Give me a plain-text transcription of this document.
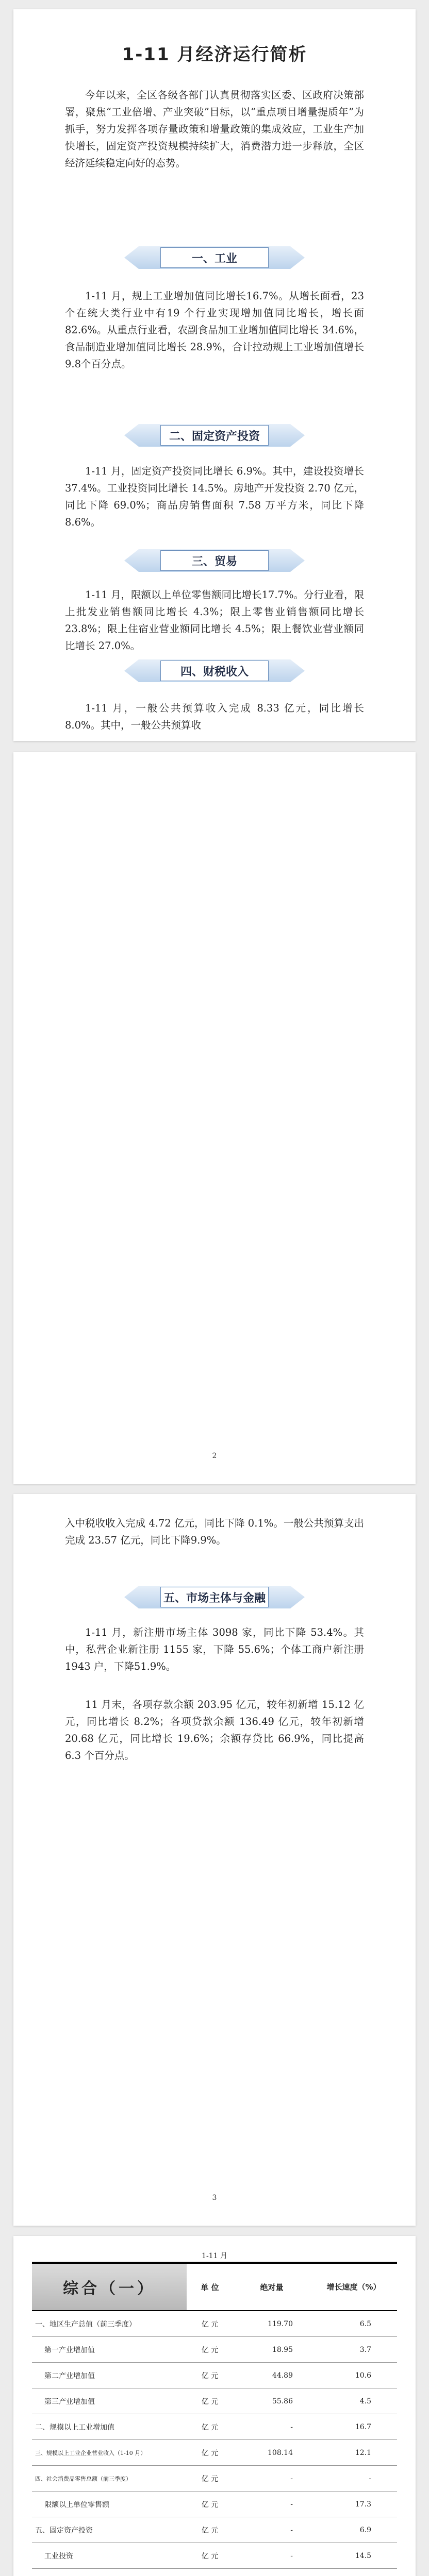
1-11 月经济运行简析
今年以来，全区各级各部门认真贯彻落实区委、区政府决策部署，聚焦“工业倍增、产业突破”目标，以“重点项目增量提质年”为抓手，努力发挥各项存量政策和增量政策的集成效应，工业生产加快增长，固定资产投资规模持续扩大，消费潜力进一步释放，全区经济延续稳定向好的态势。
一、工业
1-11 月，规上工业增加值同比增长16.7%。从增长面看，23 个在统大类行业中有19 个行业实现增加值同比增长，增长面82.6%。从重点行业看，农副食品加工业增加值同比增长 34.6%，食品制造业增加值同比增长 28.9%，合计拉动规上工业增加值增长 9.8个百分点。
二、固定资产投资
1-11 月，固定资产投资同比增长 6.9%。其中，建设投资增长 37.4%。工业投资同比增长 14.5%。房地产开发投资 2.70 亿元，同比下降 69.0%；商品房销售面积 7.58 万平方米，同比下降 8.6%。
三、贸易
1-11 月，限额以上单位零售额同比增长17.7%。分行业看，限上批发业销售额同比增长 4.3%；限上零售业销售额同比增长 23.8%；限上住宿业营业额同比增长 4.5%；限上餐饮业营业额同比增长 27.0%。
四、财税收入
1-11 月，一般公共预算收入完成 8.33 亿元，同比增长 8.0%。其中，一般公共预算收
2
入中税收收入完成 4.72 亿元，同比下降 0.1%。一般公共预算支出完成 23.57 亿元，同比下降9.9%。
五、市场主体与金融
1-11 月，新注册市场主体 3098 家，同比下降 53.4%。其中，私营企业新注册 1155 家，下降 55.6%；个体工商户新注册 1943 户，下降51.9%。
11 月末，各项存款余额 203.95 亿元，较年初新增 15.12 亿元，同比增长 8.2%；各项贷款余额 136.49 亿元，较年初新增 20.68 亿元，同比增长 19.6%；余额存贷比 66.9%，同比提高 6.3 个百分点。
3
1-11 月
综合（一）	单 位	绝对量	增长速度（%）
一、地区生产总值（前三季度）	亿 元	119.70	6.5
第一产业增加值	亿 元	18.95	3.7
第二产业增加值	亿 元	44.89	10.6
第三产业增加值	亿 元	55.86	4.5
二、规模以上工业增加值	亿 元	-	16.7
三、规模以上工业企业营业收入（1-10 月）	亿 元	108.14	12.1
四、社会消费品零售总额（前三季度）	亿 元	-	-
限额以上单位零售额	亿 元	-	17.3
五、固定资产投资	亿 元	-	6.9
工业投资	亿 元	-	14.5
